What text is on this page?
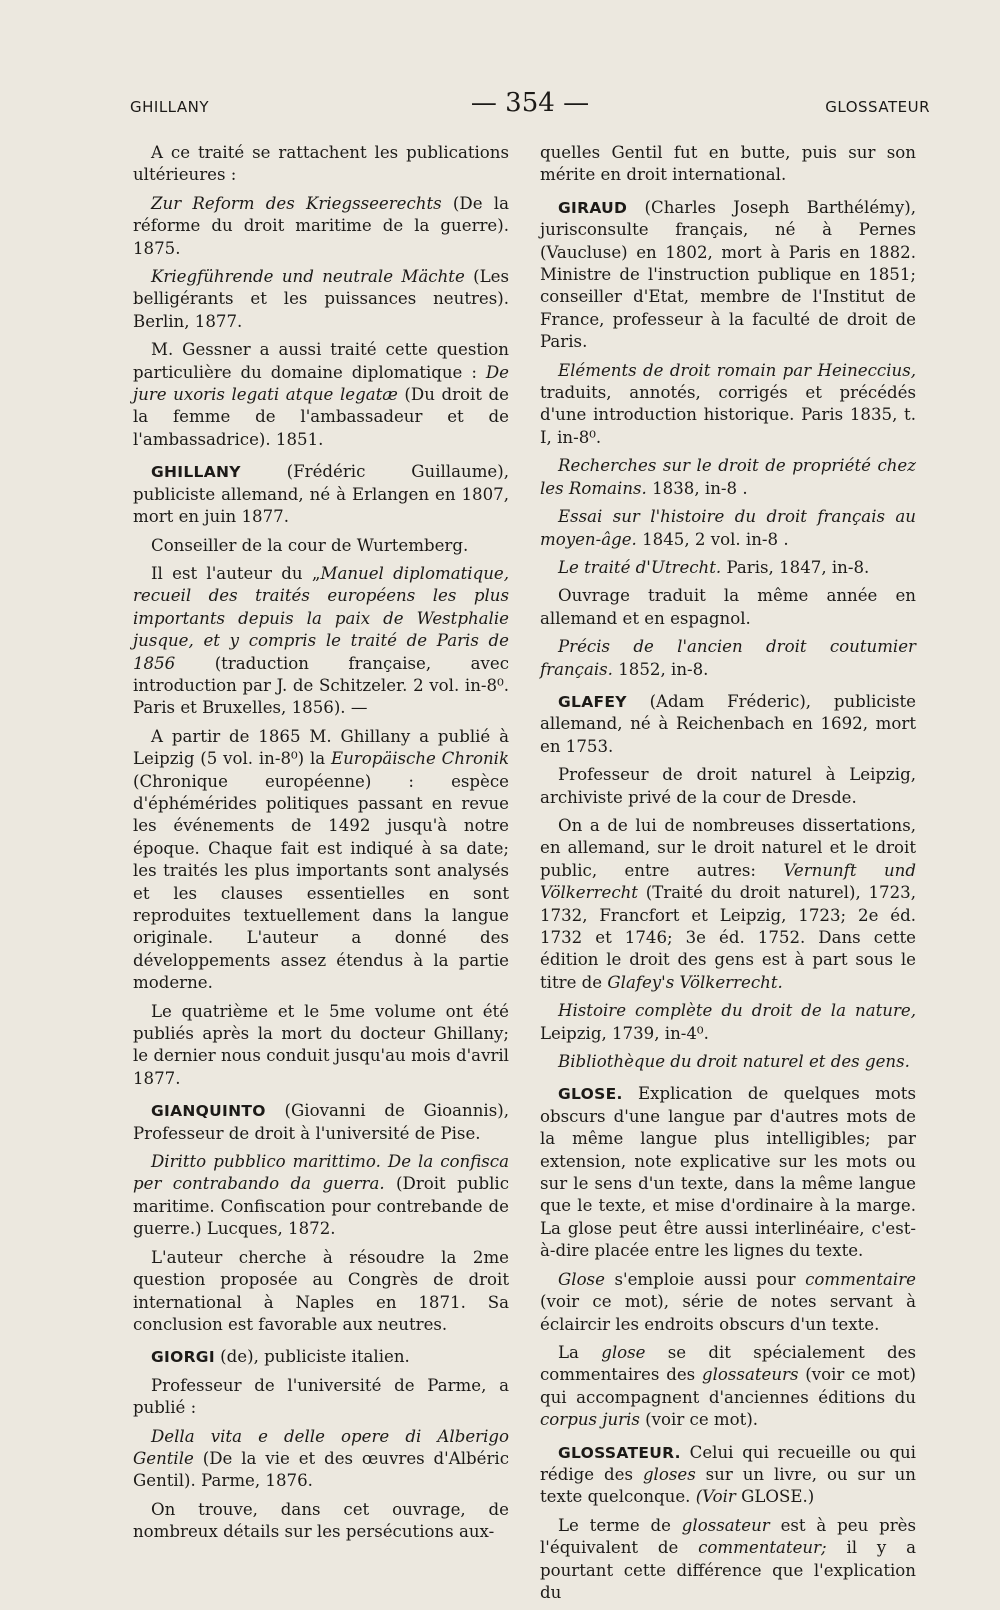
GHILLANY	— 354 —	GLOSSATEUR

A ce traité se rattachent les publications ultérieures :

Zur Reform des Kriegsseerechts (De la réforme du droit maritime de la guerre). 1875.

Kriegführende und neutrale Mächte (Les belligérants et les puissances neutres). Berlin, 1877.

M. Gessner a aussi traité cette question particulière du domaine diplomatique : De jure uxoris legati atque legatæ (Du droit de la femme de l'ambassadeur et de l'ambassadrice). 1851.

GHILLANY (Frédéric Guillaume), publiciste allemand, né à Erlangen en 1807, mort en juin 1877.

Conseiller de la cour de Wurtemberg.

Il est l'auteur du „Manuel diplomatique, recueil des traités européens les plus importants depuis la paix de Westphalie jusque, et y compris le traité de Paris de 1856 (traduction française, avec introduction par J. de Schitzeler. 2 vol. in-8⁰. Paris et Bruxelles, 1856). —

A partir de 1865 M. Ghillany a publié à Leipzig (5 vol. in-8⁰) la Europäische Chronik (Chronique européenne) : espèce d'éphémérides politiques passant en revue les événements de 1492 jusqu'à notre époque. Chaque fait est indiqué à sa date; les traités les plus importants sont analysés et les clauses essentielles en sont reproduites textuellement dans la langue originale. L'auteur a donné des développements assez étendus à la partie moderne.

Le quatrième et le 5me volume ont été publiés après la mort du docteur Ghillany; le dernier nous conduit jusqu'au mois d'avril 1877.

GIANQUINTO (Giovanni de Gioannis), Professeur de droit à l'université de Pise.

Diritto pubblico marittimo. De la confisca per contrabando da guerra. (Droit public maritime. Confiscation pour contrebande de guerre.) Lucques, 1872.

L'auteur cherche à résoudre la 2me question proposée au Congrès de droit international à Naples en 1871. Sa conclusion est favorable aux neutres.

GIORGI (de), publiciste italien.

Professeur de l'université de Parme, a publié :

Della vita e delle opere di Alberigo Gentile (De la vie et des œuvres d'Albéric Gentil). Parme, 1876.

On trouve, dans cet ouvrage, de nombreux détails sur les persécutions aux-

quelles Gentil fut en butte, puis sur son mérite en droit international.

GIRAUD (Charles Joseph Barthélémy), jurisconsulte français, né à Pernes (Vaucluse) en 1802, mort à Paris en 1882. Ministre de l'instruction publique en 1851; conseiller d'Etat, membre de l'Institut de France, professeur à la faculté de droit de Paris.

Eléments de droit romain par Heineccius, traduits, annotés, corrigés et précédés d'une introduction historique. Paris 1835, t. I, in-8⁰.

Recherches sur le droit de propriété chez les Romains. 1838, in-8 .

Essai sur l'histoire du droit français au moyen-âge. 1845, 2 vol. in-8 .

Le traité d'Utrecht. Paris, 1847, in-8.

Ouvrage traduit la même année en allemand et en espagnol.

Précis de l'ancien droit coutumier français. 1852, in-8.

GLAFEY (Adam Fréderic), publiciste allemand, né à Reichenbach en 1692, mort en 1753.

Professeur de droit naturel à Leipzig, archiviste privé de la cour de Dresde.

On a de lui de nombreuses dissertations, en allemand, sur le droit naturel et le droit public, entre autres: Vernunft und Völkerrecht (Traité du droit naturel), 1723, 1732, Francfort et Leipzig, 1723; 2e éd. 1732 et 1746; 3e éd. 1752. Dans cette édition le droit des gens est à part sous le titre de Glafey's Völkerrecht.

Histoire complète du droit de la nature, Leipzig, 1739, in-4⁰.

Bibliothèque du droit naturel et des gens.

GLOSE. Explication de quelques mots obscurs d'une langue par d'autres mots de la même langue plus intelligibles; par extension, note explicative sur les mots ou sur le sens d'un texte, dans la même langue que le texte, et mise d'ordinaire à la marge. La glose peut être aussi interlinéaire, c'est-à-dire placée entre les lignes du texte.

Glose s'emploie aussi pour commentaire (voir ce mot), série de notes servant à éclaircir les endroits obscurs d'un texte.

La glose se dit spécialement des commentaires des glossateurs (voir ce mot) qui accompagnent d'anciennes éditions du corpus juris (voir ce mot).

GLOSSATEUR. Celui qui recueille ou qui rédige des gloses sur un livre, ou sur un texte quelconque. (Voir GLOSE.)

Le terme de glossateur est à peu près l'équivalent de commentateur; il y a pourtant cette différence que l'explication du
